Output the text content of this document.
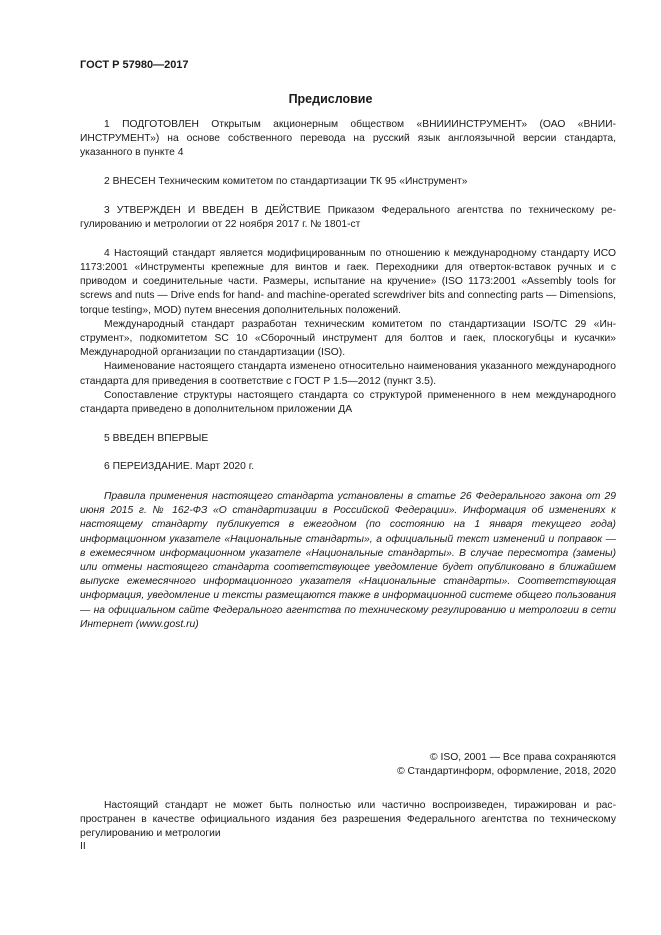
ГОСТ Р 57980—2017
Предисловие

1 ПОДГОТОВЛЕН Открытым акционерным обществом «ВНИИИНСТРУМЕНТ» (ОАО «ВНИИИНСТРУМЕНТ») на основе собственного перевода на русский язык англоязычной версии стандарта, указанного в пункте 4

2 ВНЕСЕН Техническим комитетом по стандартизации ТК 95 «Инструмент»

3 УТВЕРЖДЕН И ВВЕДЕН В ДЕЙСТВИЕ Приказом Федерального агентства по техническому регулированию и метрологии от 22 ноября 2017 г. № 1801-ст

4 Настоящий стандарт является модифицированным по отношению к международному стандарту ИСО 1173:2001 «Инструменты крепежные для винтов и гаек. Переходники для отверток-вставок ручных и с приводом и соединительные части. Размеры, испытание на кручение» (ISO 1173:2001 «Assembly tools for screws and nuts — Drive ends for hand- and machine-operated screwdriver bits and connecting parts — Dimensions, torque testing», MOD) путем внесения дополнительных положений.

Международный стандарт разработан техническим комитетом по стандартизации ISO/TC 29 «Инструмент», подкомитетом SC 10 «Сборочный инструмент для болтов и гаек, плоскогубцы и кусачки» Международной организации по стандартизации (ISO).

Наименование настоящего стандарта изменено относительно наименования указанного международного стандарта для приведения в соответствие с ГОСТ Р 1.5—2012 (пункт 3.5).

Сопоставление структуры настоящего стандарта со структурой примененного в нем международного стандарта приведено в дополнительном приложении ДА

5 ВВЕДЕН ВПЕРВЫЕ

6 ПЕРЕИЗДАНИЕ. Март 2020 г.

Правила применения настоящего стандарта установлены в статье 26 Федерального закона от 29 июня 2015 г. № 162-ФЗ «О стандартизации в Российской Федерации». Информация об изменениях к настоящему стандарту публикуется в ежегодном (по состоянию на 1 января текущего года) информационном указателе «Национальные стандарты», а официальный текст изменений и поправок — в ежемесячном информационном указателе «Национальные стандарты». В случае пересмотра (замены) или отмены настоящего стандарта соответствующее уведомление будет опубликовано в ближайшем выпуске ежемесячного информационного указателя «Национальные стандарты». Соответствующая информация, уведомление и тексты размещаются также в информационной системе общего пользования — на официальном сайте Федерального агентства по техническому регулированию и метрологии в сети Интернет (www.gost.ru)

© ISO, 2001 — Все права сохраняются
© Стандартинформ, оформление, 2018, 2020

Настоящий стандарт не может быть полностью или частично воспроизведен, тиражирован и распространен в качестве официального издания без разрешения Федерального агентства по техническому регулированию и метрологии

II
